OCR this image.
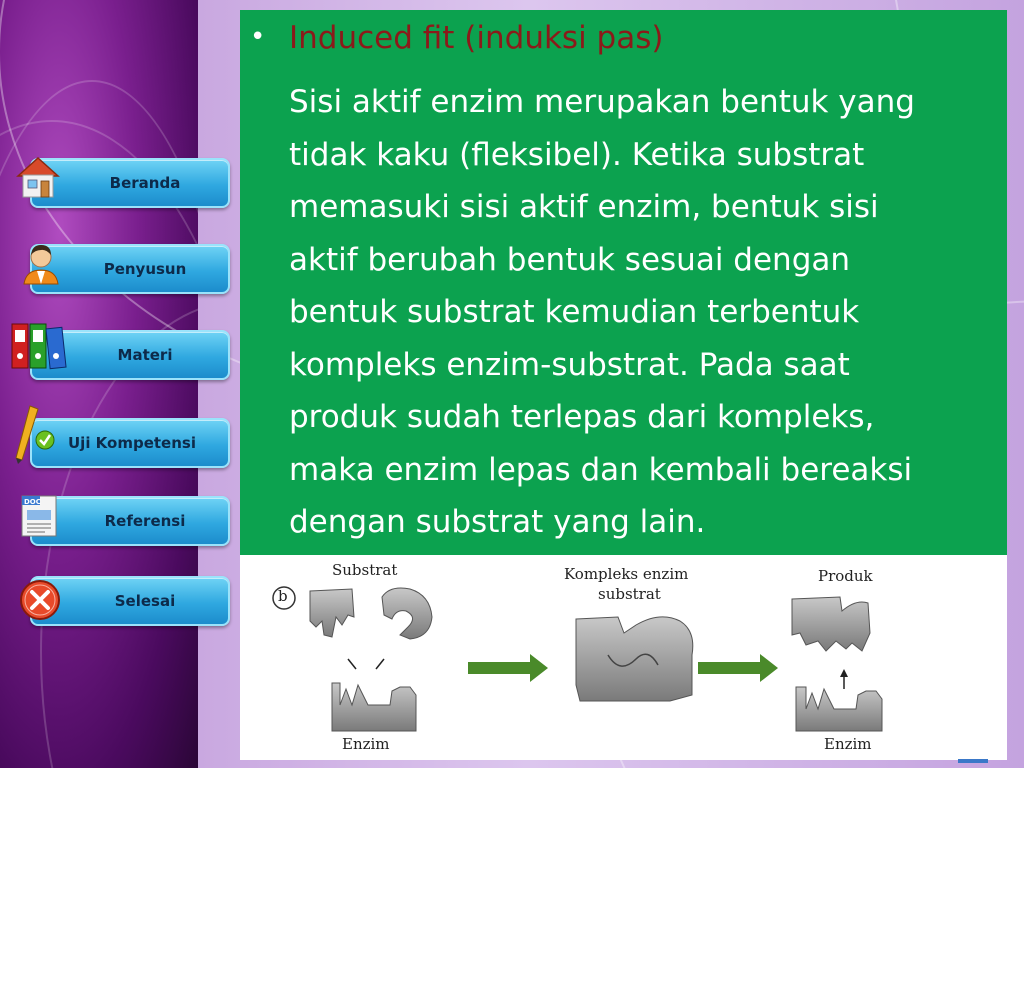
Beranda
Penyusun
Materi
Uji Kompetensi
Referensi
DOC
Selesai
• Induced fit (induksi pas)
Sisi aktif enzim merupakan bentuk yang
tidak kaku (fleksibel). Ketika substrat
memasuki sisi aktif enzim, bentuk sisi
aktif berubah bentuk sesuai dengan
bentuk substrat kemudian terbentuk
kompleks enzim-substrat. Pada saat
produk sudah terlepas dari kompleks,
maka enzim lepas dan kembali bereaksi
dengan substrat yang lain.
b
Substrat	Kompleks enzim
substrat
Produk
Enzim	Enzim
